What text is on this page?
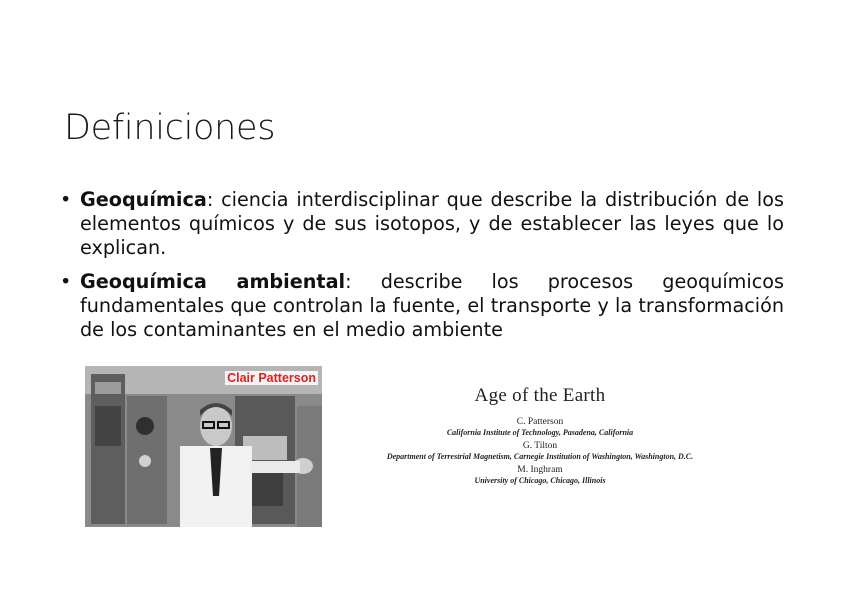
Definiciones
• Geoquímica: ciencia interdisciplinar que describe la distribución de los elementos químicos y de sus isotopos, y de establecer las leyes que lo explican.
• Geoquímica ambiental: describe los procesos geoquímicos fundamentales que controlan la fuente, el transporte y la transformación de los contaminantes en el medio ambiente
Clair Patterson
Age of the Earth
C. Patterson
California Institute of Technology, Pasadena, California
G. Tilton
Department of Terrestrial Magnetism, Carnegie Institution of Washington, Washington, D.C.
M. Inghram
University of Chicago, Chicago, Illinois
